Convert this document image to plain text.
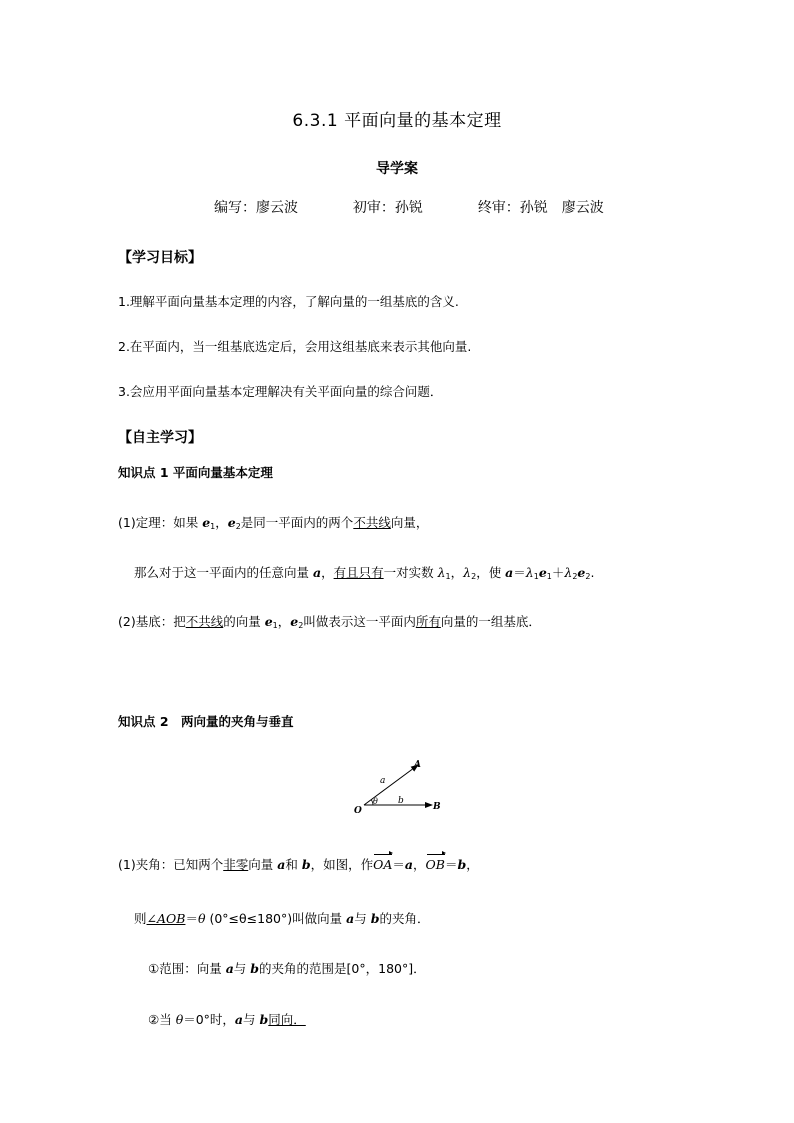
6.3.1 平面向量的基本定理
导学案
编写：廖云波	初审：孙锐	终审：孙锐　廖云波
【学习目标】
1.理解平面向量基本定理的内容，了解向量的一组基底的含义.
2.在平面内，当一组基底选定后，会用这组基底来表示其他向量.
3.会应用平面向量基本定理解决有关平面向量的综合问题．
【自主学习】
知识点 1 平面向量基本定理
(1)定理：如果 $e_1$，$e_2$是同一平面内的两个不共线向量，
那么对于这一平面内的任意向量 a，有且只有一对实数 $\lambda_1$，$\lambda_2$，使 $a=\lambda_1e_1+\lambda_2e_2$.
(2)基底：把不共线的向量 $e_1$，$e_2$叫做表示这一平面内所有向量的一组基底．
知识点 2　两向量的夹角与垂直
A
B
O
a
b
θ
(1)夹角：已知两个非零向量 a和 b，如图，作OA＝a，OB＝b，
则∠AOB＝θ (0°≤θ≤180°)叫做向量 a与 b的夹角．
①范围：向量 a与 b的夹角的范围是[0°，180°]．
②当 θ＝0°时，a与 b同向．
